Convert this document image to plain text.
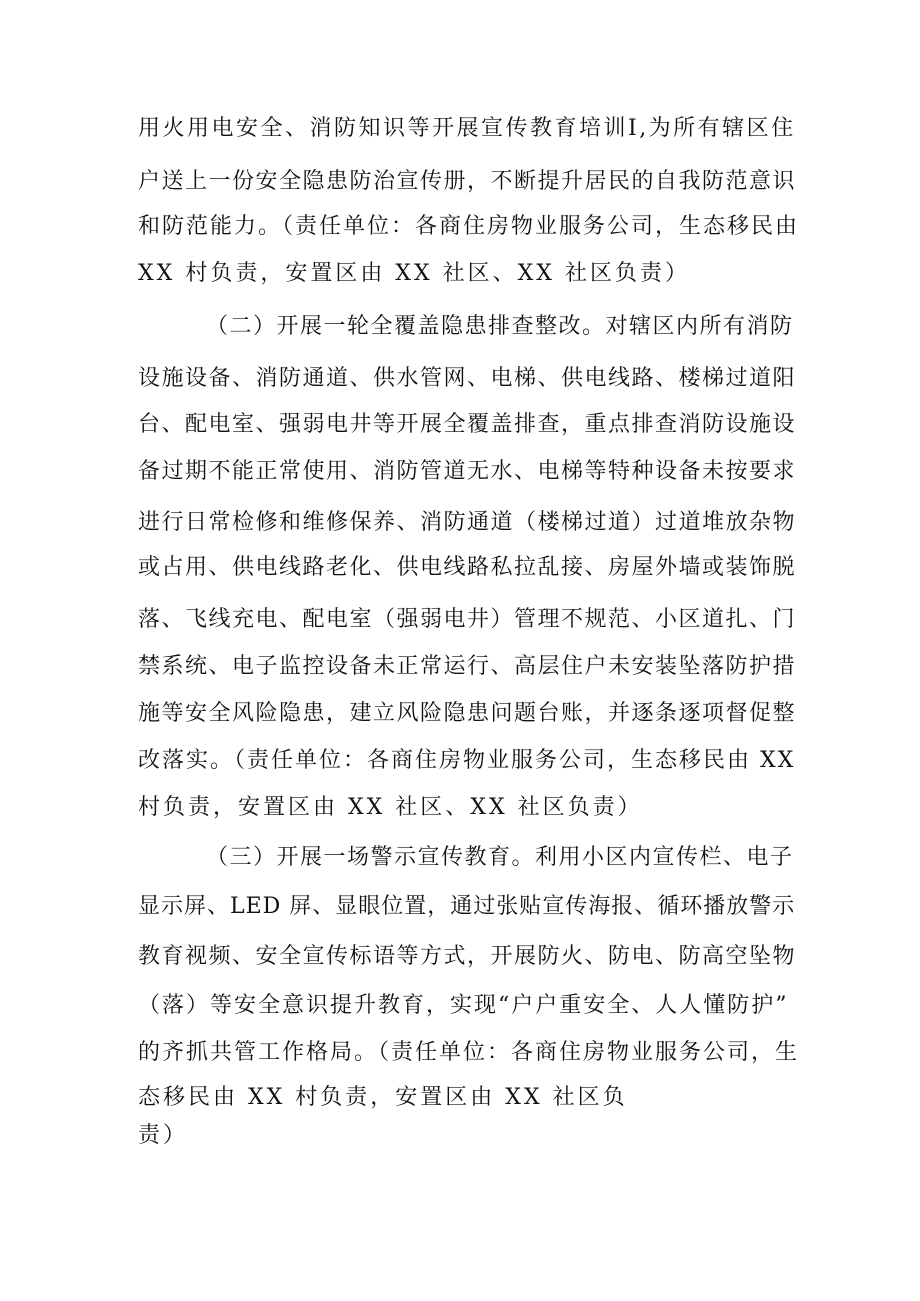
用火用电安全、消防知识等开展宣传教育培训Ⅰ,为所有辖区住
户送上一份安全隐患防治宣传册，不断提升居民的自我防范意识
和防范能力。（责任单位：各商住房物业服务公司，生态移民由
XX 村负责，安置区由 XX 社区、XX 社区负责）
（二）开展一轮全覆盖隐患排查整改。对辖区内所有消防
设施设备、消防通道、供水管网、电梯、供电线路、楼梯过道阳
台、配电室、强弱电井等开展全覆盖排查，重点排查消防设施设
备过期不能正常使用、消防管道无水、电梯等特种设备未按要求
进行日常检修和维修保养、消防通道（楼梯过道）过道堆放杂物
或占用、供电线路老化、供电线路私拉乱接、房屋外墙或装饰脱
落、飞线充电、配电室（强弱电井）管理不规范、小区道扎、门
禁系统、电子监控设备未正常运行、高层住户未安装坠落防护措
施等安全风险隐患，建立风险隐患问题台账，并逐条逐项督促整
改落实。（责任单位：各商住房物业服务公司，生态移民由 XX
村负责，安置区由 XX 社区、XX 社区负责）
（三）开展一场警示宣传教育。利用小区内宣传栏、电子
显示屏、LED 屏、显眼位置，通过张贴宣传海报、循环播放警示
教育视频、安全宣传标语等方式，开展防火、防电、防高空坠物
（落）等安全意识提升教育，实现“户户重安全、人人懂防护”
的齐抓共管工作格局。（责任单位：各商住房物业服务公司，生
态移民由 XX 村负责，安置区由 XX 社区负
责）
